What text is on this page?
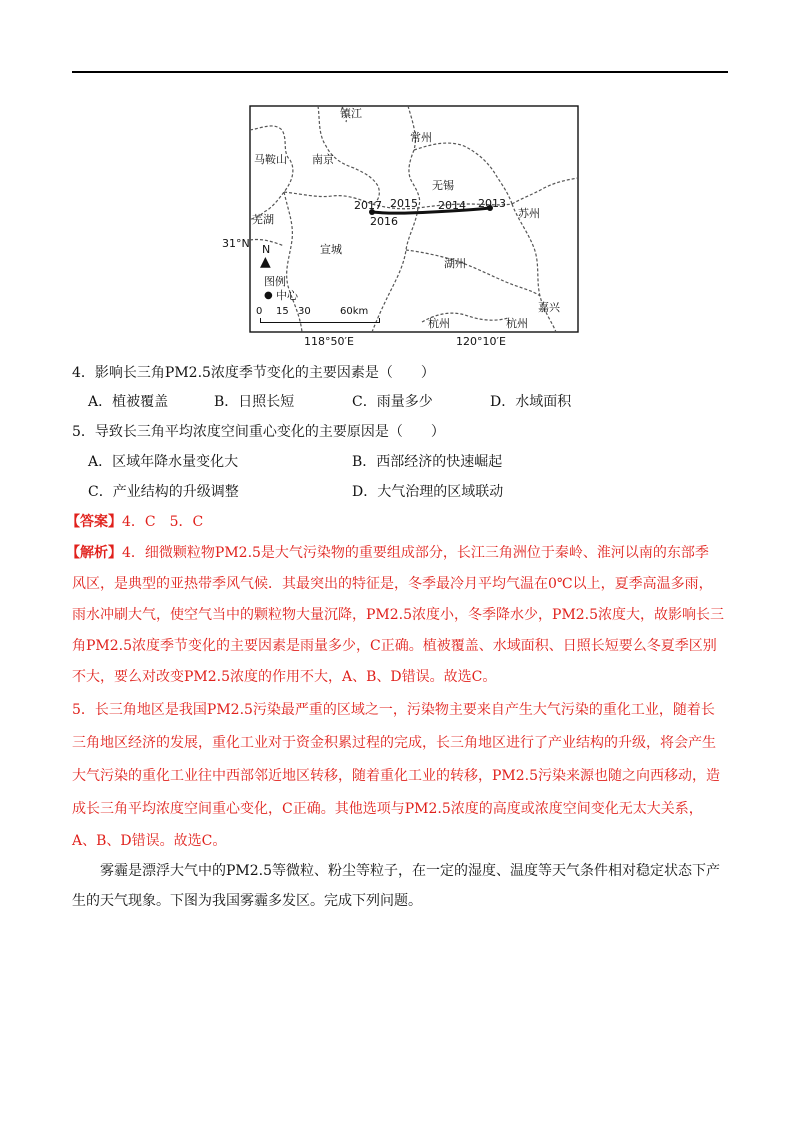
镇江
常州
马鞍山 南京
无锡
苏州
芜湖
宣城
湖州
嘉兴
杭州	杭州
2017 2015 2014 2013
2016
31°N
118°50′E	120°10′E
N
▲
图例
● 中心
0 15 30	60km
4．影响长三角PM2.5浓度季节变化的主要因素是（　　）
A．植被覆盖	B．日照长短	C．雨量多少	D．水域面积
5．导致长三角平均浓度空间重心变化的主要原因是（　　）
A．区域年降水量变化大	B．西部经济的快速崛起
C．产业结构的升级调整	D．大气治理的区域联动
【答案】4．C　5．C
【解析】4．细微颗粒物PM2.5是大气污染物的重要组成部分，长江三角洲位于秦岭、淮河以南的东部季
风区，是典型的亚热带季风气候．其最突出的特征是，冬季最冷月平均气温在0℃以上，夏季高温多雨，
雨水冲刷大气，使空气当中的颗粒物大量沉降，PM2.5浓度小，冬季降水少，PM2.5浓度大，故影响长三
角PM2.5浓度季节变化的主要因素是雨量多少，C正确。植被覆盖、水域面积、日照长短要么冬夏季区别
不大，要么对改变PM2.5浓度的作用不大，A、B、D错误。故选C。
5．长三角地区是我国PM2.5污染最严重的区域之一，污染物主要来自产生大气污染的重化工业，随着长
三角地区经济的发展，重化工业对于资金积累过程的完成，长三角地区进行了产业结构的升级，将会产生
大气污染的重化工业往中西部邻近地区转移，随着重化工业的转移，PM2.5污染来源也随之向西移动，造
成长三角平均浓度空间重心变化，C正确。其他选项与PM2.5浓度的高度或浓度空间变化无太大关系，
A、B、D错误。故选C。
雾霾是漂浮大气中的PM2.5等微粒、粉尘等粒子，在一定的湿度、温度等天气条件相对稳定状态下产
生的天气现象。下图为我国雾霾多发区。完成下列问题。
